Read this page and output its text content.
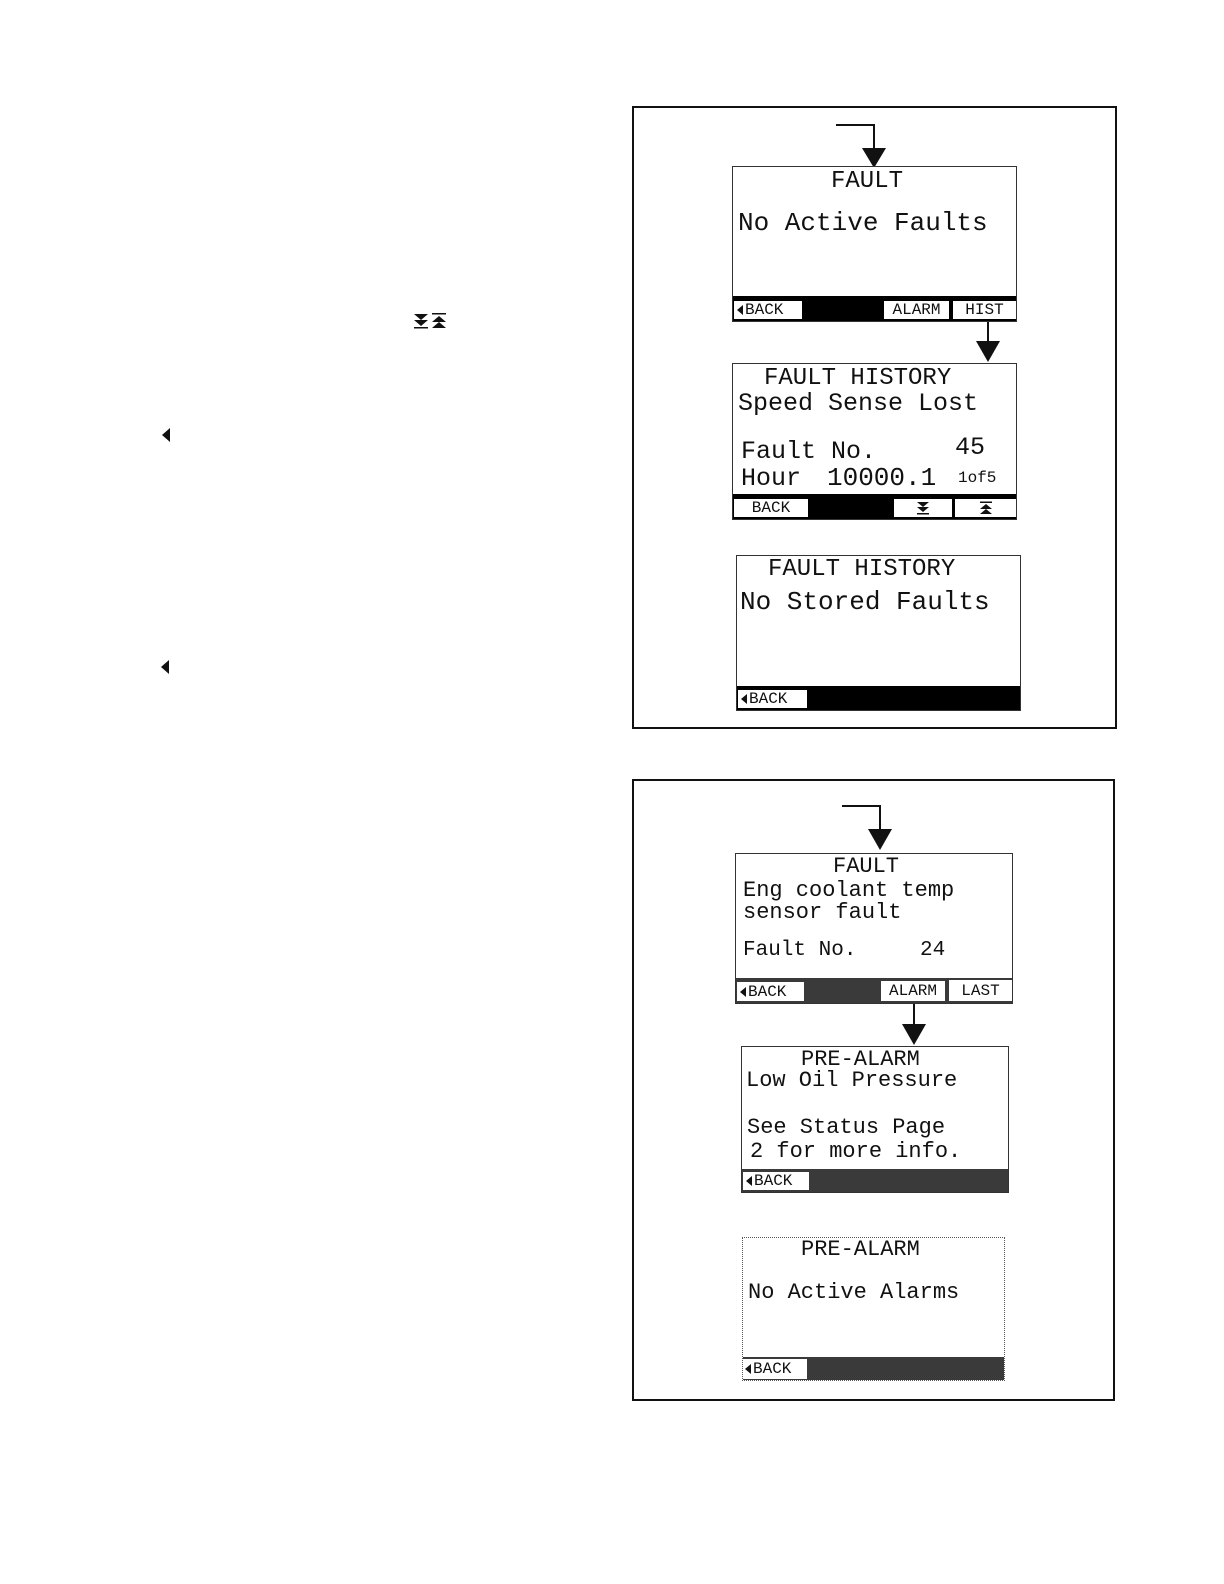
FAULT
No Active Faults
BACK	ALARM	HIST
FAULT HISTORY
Speed Sense Lost
Fault No.	45
Hour 10000.1 1of5
BACK
FAULT HISTORY
No Stored Faults
BACK
FAULT
Eng coolant temp
sensor fault
Fault No.	24
BACK	ALARM	LAST
PRE-ALARM
Low Oil Pressure
See Status Page
2 for more info.
BACK
PRE-ALARM
No Active Alarms
BACK
